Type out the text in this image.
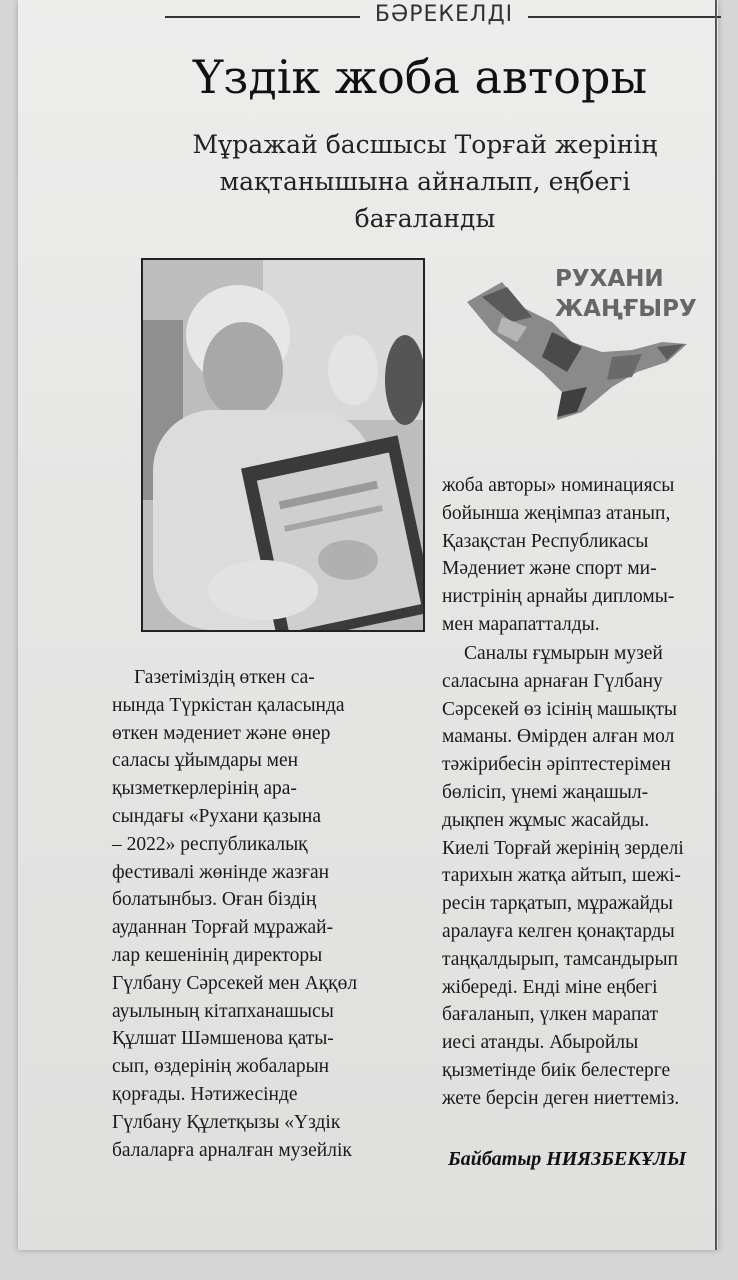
БӘРЕКЕЛДІ
Үздік жоба авторы
Мұражай басшысы Торғай жерінің
мақтанышына айналып, еңбегі
бағаланды
РУХАНИ
ЖАҢҒЫРУ
Газетіміздің өткен са-
нында Түркістан қаласында
өткен мәдениет және өнер
саласы ұйымдары мен
қызметкерлерінің ара-
сындағы «Рухани қазына
– 2022» республикалық
фестивалі жөнінде жазған
болатынбыз. Оған біздің
ауданнан Торғай мұражай-
лар кешенінің директоры
Гүлбану Сәрсекей мен Аққөл
ауылының кітапханашысы
Құлшат Шәмшенова қаты-
сып, өздерінің жобаларын
қорғады. Нәтижесінде
Гүлбану Құлетқызы «Үздік
балаларға арналған музейлік
жоба авторы» номинациясы
бойынша жеңімпаз атанып,
Қазақстан Республикасы
Мәдениет және спорт ми-
нистрінің арнайы дипломы-
мен марапатталды.
Саналы ғұмырын музей
саласына арнаған Гүлбану
Сәрсекей өз ісінің машықты
маманы. Өмірден алған мол
тәжірибесін әріптестерімен
бөлісіп, үнемі жаңашыл-
дықпен жұмыс жасайды.
Киелі Торғай жерінің зерделі
тарихын жатқа айтып, шежі-
ресін тарқатып, мұражайды
аралауға келген қонақтарды
таңқалдырып, тамсандырып
жібереді. Енді міне еңбегі
бағаланып, үлкен марапат
иесі атанды. Абыройлы
қызметінде биік белестерге
жете берсін деген ниеттеміз.
Байбатыр НИЯЗБЕКҰЛЫ
